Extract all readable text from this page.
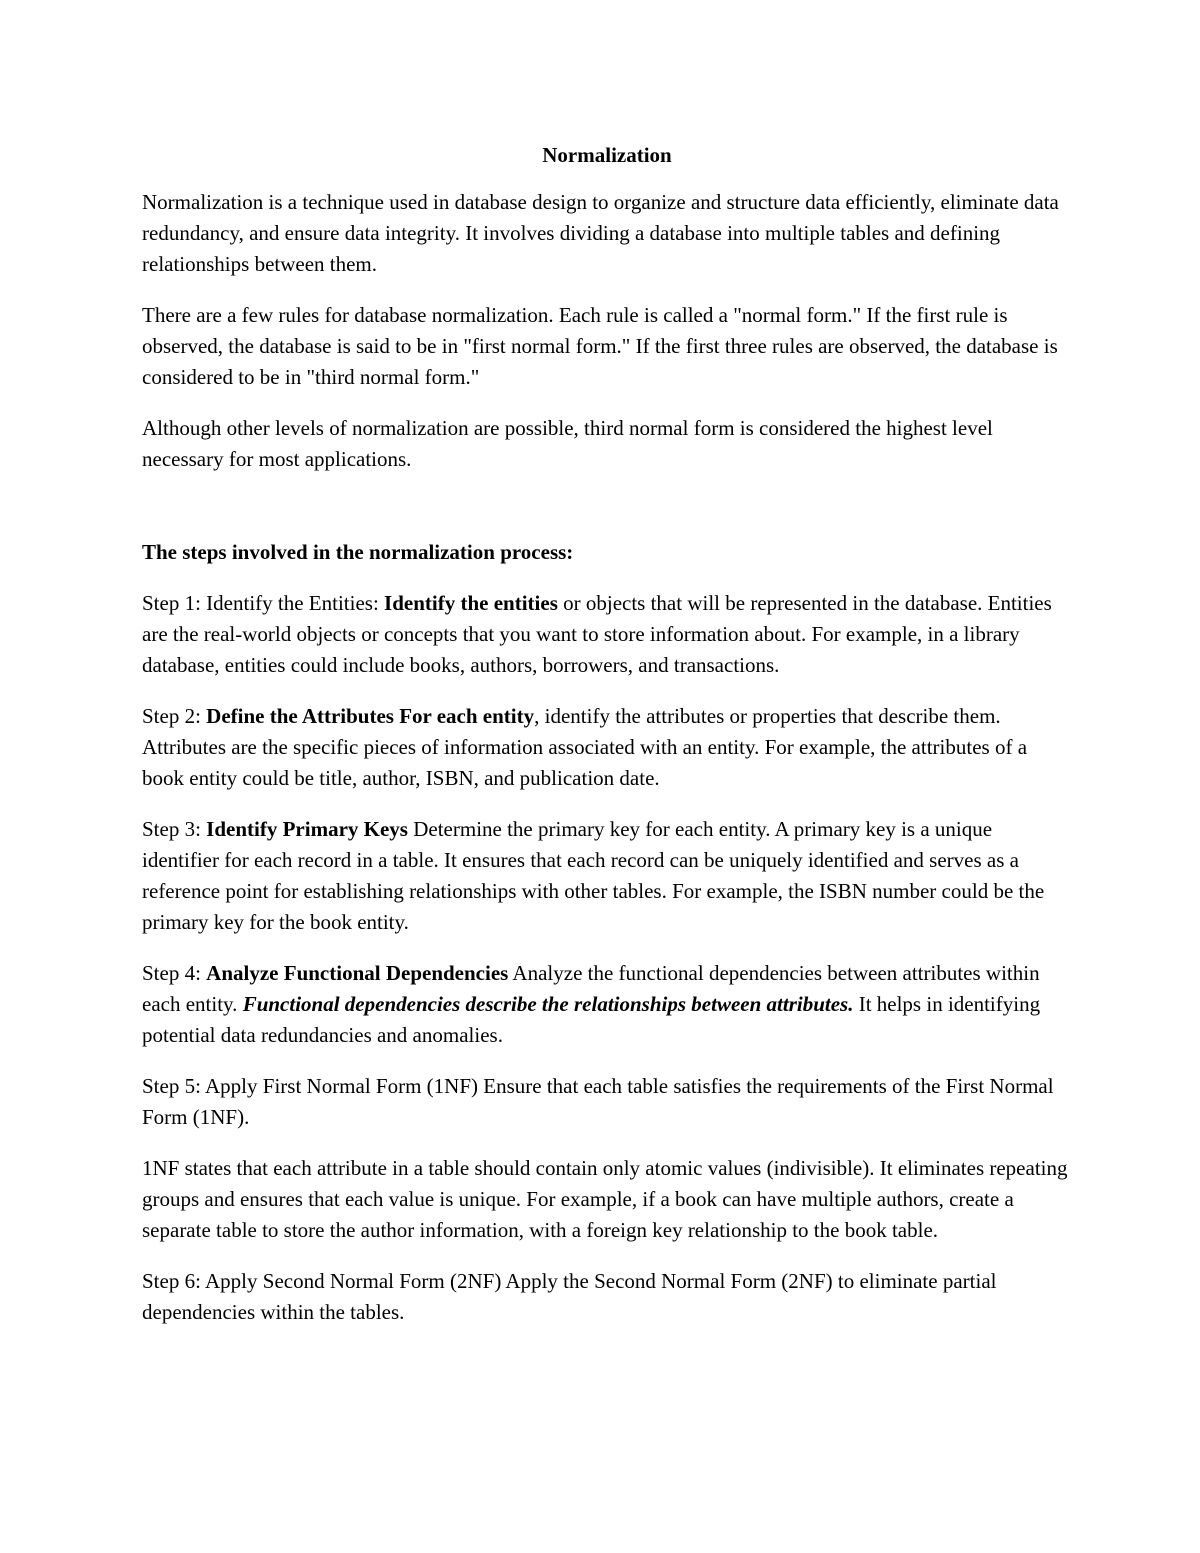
Normalization

Normalization is a technique used in database design to organize and structure data efficiently, eliminate data redundancy, and ensure data integrity. It involves dividing a database into multiple tables and defining relationships between them.

There are a few rules for database normalization. Each rule is called a "normal form." If the first rule is observed, the database is said to be in "first normal form." If the first three rules are observed, the database is considered to be in "third normal form."

Although other levels of normalization are possible, third normal form is considered the highest level necessary for most applications.

The steps involved in the normalization process:

Step 1: Identify the Entities: Identify the entities or objects that will be represented in the database. Entities are the real-world objects or concepts that you want to store information about. For example, in a library database, entities could include books, authors, borrowers, and transactions.

Step 2: Define the Attributes For each entity, identify the attributes or properties that describe them. Attributes are the specific pieces of information associated with an entity. For example, the attributes of a book entity could be title, author, ISBN, and publication date.

Step 3: Identify Primary Keys Determine the primary key for each entity. A primary key is a unique identifier for each record in a table. It ensures that each record can be uniquely identified and serves as a reference point for establishing relationships with other tables. For example, the ISBN number could be the primary key for the book entity.

Step 4: Analyze Functional Dependencies Analyze the functional dependencies between attributes within each entity. Functional dependencies describe the relationships between attributes. It helps in identifying potential data redundancies and anomalies.

Step 5: Apply First Normal Form (1NF) Ensure that each table satisfies the requirements of the First Normal Form (1NF).

1NF states that each attribute in a table should contain only atomic values (indivisible). It eliminates repeating groups and ensures that each value is unique. For example, if a book can have multiple authors, create a separate table to store the author information, with a foreign key relationship to the book table.

Step 6: Apply Second Normal Form (2NF) Apply the Second Normal Form (2NF) to eliminate partial dependencies within the tables.
